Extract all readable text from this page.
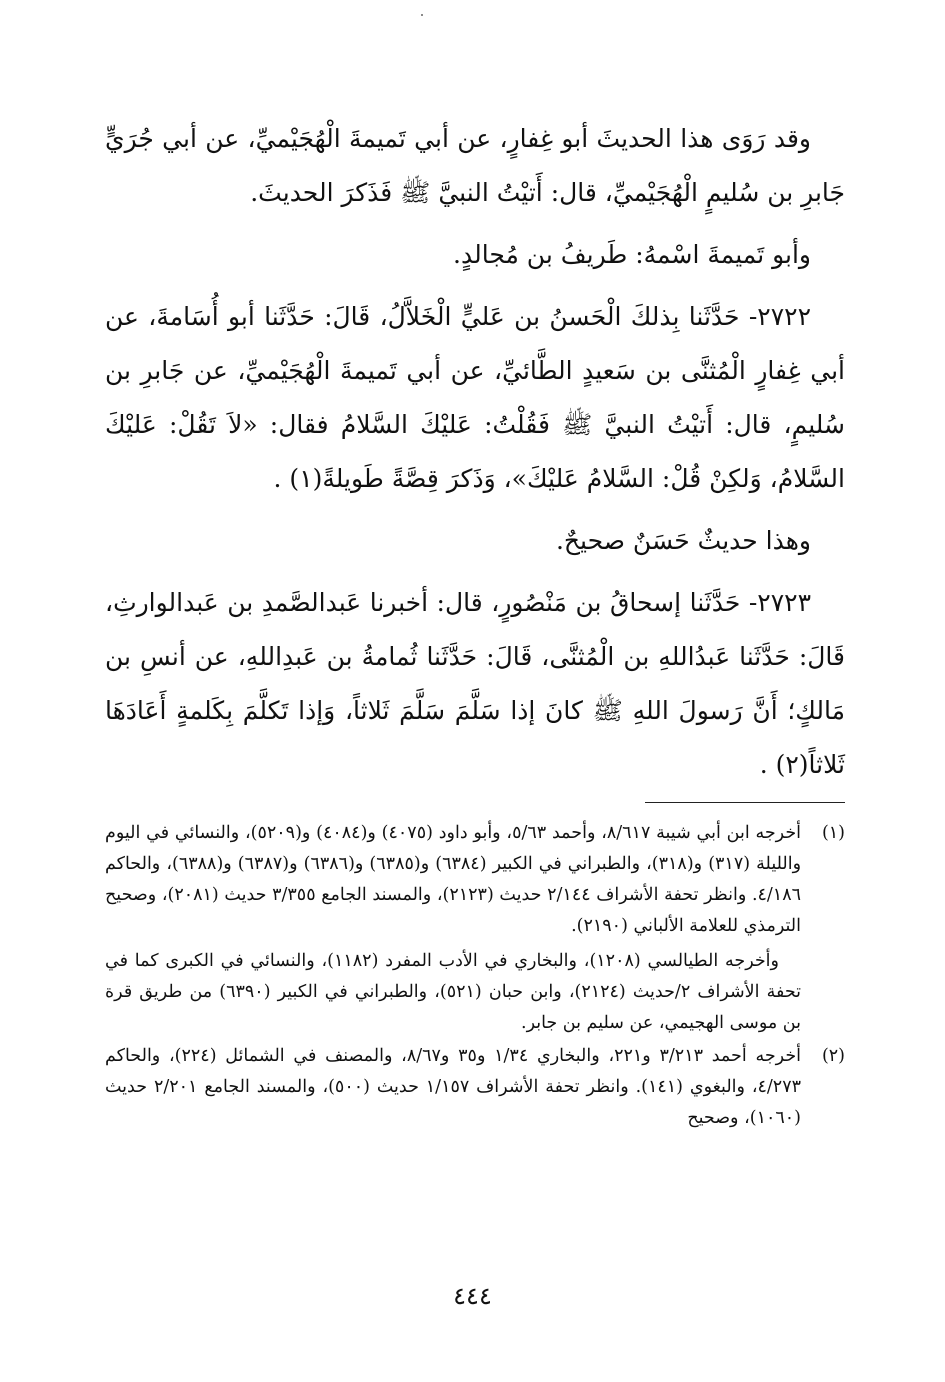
وقد رَوَى هذا الحديثَ أبو غِفارٍ، عن أبي تَميمةَ الْهُجَيْميِّ، عن أبي جُرَيٍّ جَابرِ بن سُليمٍ الْهُجَيْميِّ، قال: أَتيْتُ النبيَّ ﷺ فَذَكرَ الحديثَ.

وأبو تَميمةَ اسْمهُ: طَريفُ بن مُجالدٍ.

٢٧٢٢- حَدَّثَنا بِذلكَ الْحَسنُ بن عَليٍّ الْخَلاَّلُ، قَالَ: حَدَّثَنا أبو أُسَامةَ، عن أبي غِفارٍ الْمُثنَّى بن سَعيدٍ الطَّائيِّ، عن أبي تَميمةَ الْهُجَيْميِّ، عن جَابرِ بن سُليمٍ، قال: أَتيْتُ النبيَّ ﷺ فَقُلْتُ: عَليْكَ السَّلامُ فقال: «لاَ تَقُلْ: عَليْكَ السَّلامُ، وَلكِنْ قُلْ: السَّلامُ عَليْكَ»، وَذَكرَ قِصَّةً طَويلةً(١) .

وهذا حديثٌ حَسَنٌ صحيحٌ.

٢٧٢٣- حَدَّثَنا إسحاقُ بن مَنْصُورٍ، قال: أخبرنا عَبدالصَّمدِ بن عَبدالوارثِ، قَالَ: حَدَّثَنا عَبدُاللهِ بن الْمُثنَّى، قَالَ: حَدَّثَنا ثُمامةُ بن عَبدِاللهِ، عن أنسِ بن مَالكٍ؛ أَنَّ رَسولَ اللهِ ﷺ كانَ إذا سَلَّمَ سَلَّمَ ثَلاثاً، وَإذا تَكلَّمَ بِكَلمةٍ أَعَادَهَا ثَلاثاً(٢) .

(١)

أخرجه ابن أبي شيبة ٨/٦١٧، وأحمد ٥/٦٣، وأبو داود (٤٠٧٥) و(٤٠٨٤) و(٥٢٠٩)، والنسائي في اليوم والليلة (٣١٧) و(٣١٨)، والطبراني في الكبير (٦٣٨٤) و(٦٣٨٥) و(٦٣٨٦) و(٦٣٨٧) و(٦٣٨٨)، والحاكم ٤/١٨٦. وانظر تحفة الأشراف ٢/١٤٤ حديث (٢١٢٣)، والمسند الجامع ٣/٣٥٥ حديث (٢٠٨١)، وصحيح الترمذي للعلامة الألباني (٢١٩٠).

وأخرجه الطيالسي (١٢٠٨)، والبخاري في الأدب المفرد (١١٨٢)، والنسائي في الكبرى كما في تحفة الأشراف ٢/حديث (٢١٢٤)، وابن حبان (٥٢١)، والطبراني في الكبير (٦٣٩٠) من طريق قرة بن موسى الهجيمي، عن سليم بن جابر.

(٢)

أخرجه أحمد ٣/٢١٣ و٢٢١، والبخاري ١/٣٤ و٣٥ و٨/٦٧، والمصنف في الشمائل (٢٢٤)، والحاكم ٤/٢٧٣، والبغوي (١٤١). وانظر تحفة الأشراف ١/١٥٧ حديث (٥٠٠)، والمسند الجامع ٢/٢٠١ حديث (١٠٦٠)، وصحيح

٤٤٤
